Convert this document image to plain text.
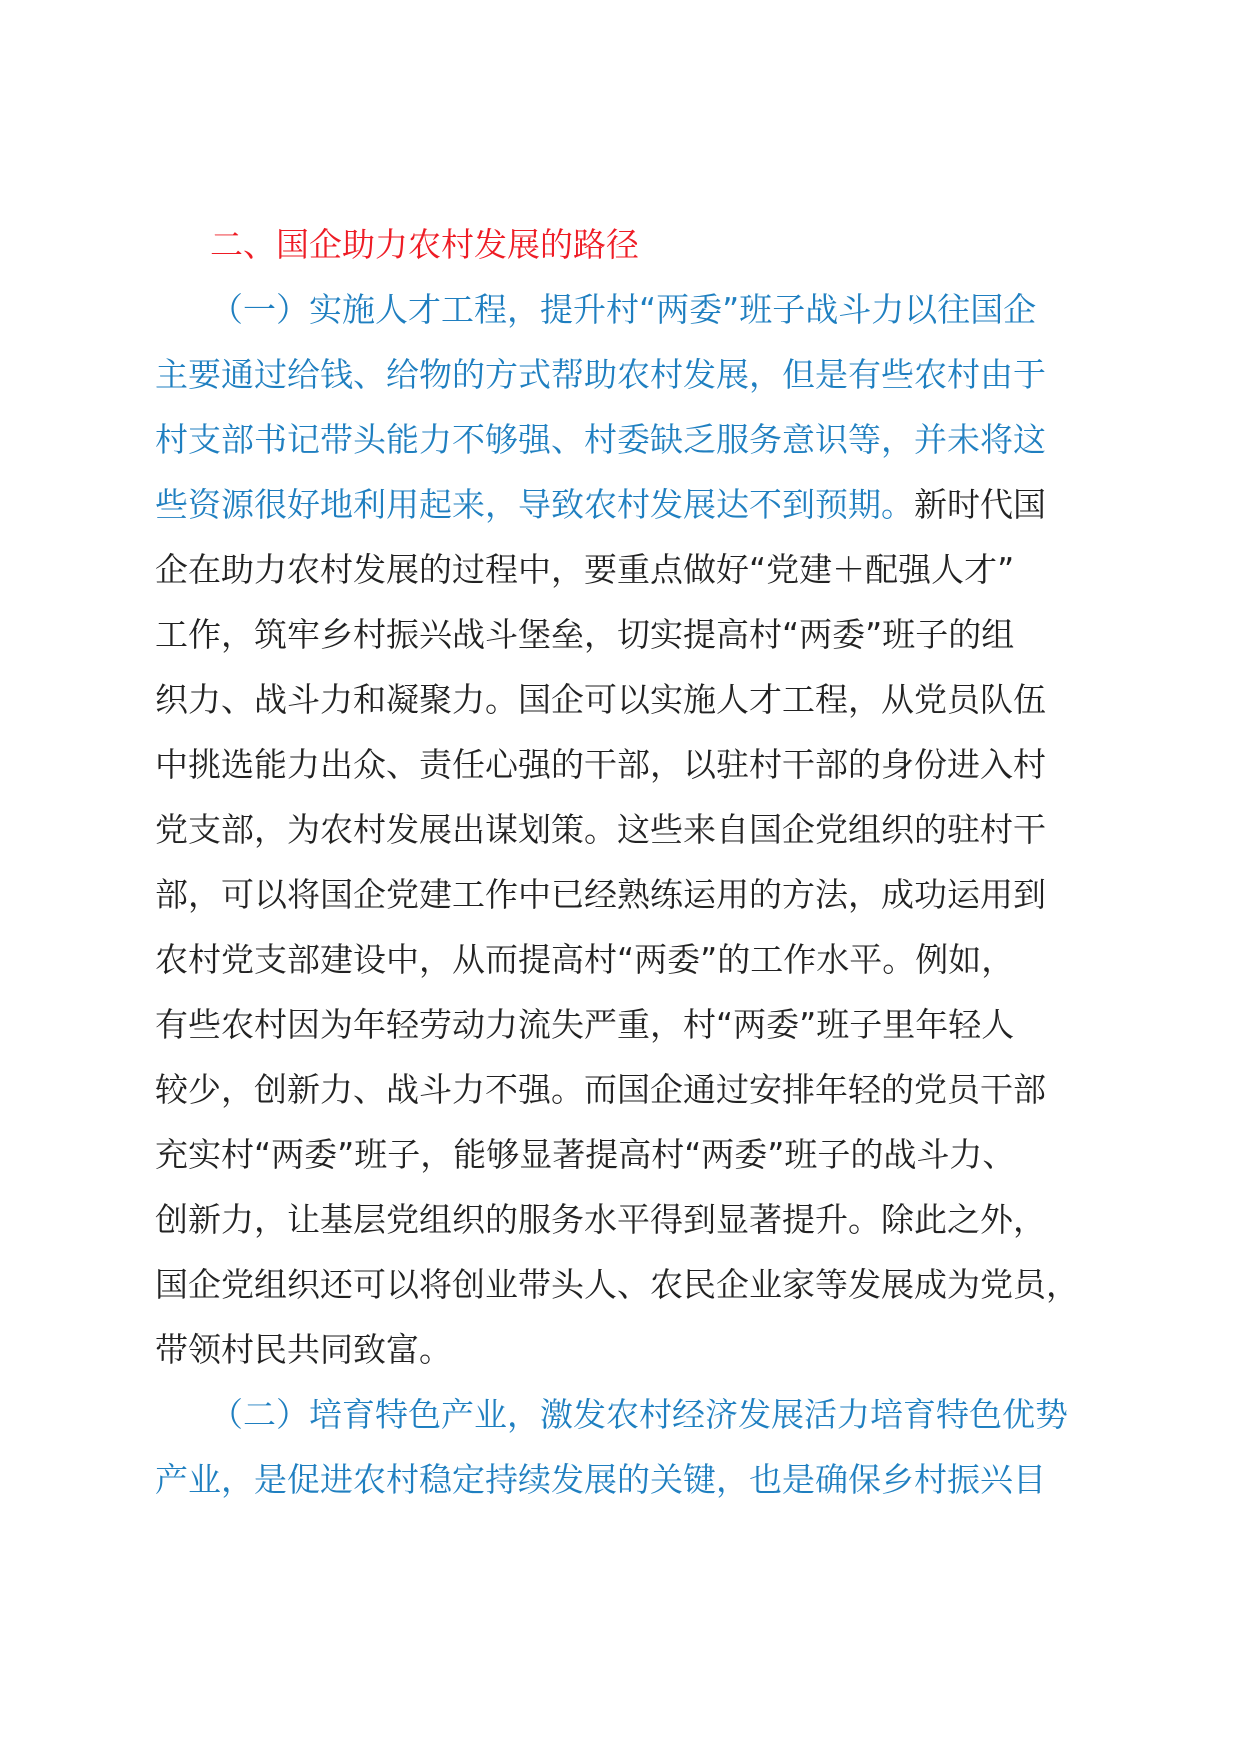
二、国企助力农村发展的路径
（一）实施人才工程，提升村“两委”班子战斗力以往国企
主要通过给钱、给物的方式帮助农村发展，但是有些农村由于
村支部书记带头能力不够强、村委缺乏服务意识等，并未将这
些资源很好地利用起来，导致农村发展达不到预期。新时代国
企在助力农村发展的过程中，要重点做好“党建＋配强人才”
工作，筑牢乡村振兴战斗堡垒，切实提高村“两委”班子的组
织力、战斗力和凝聚力。国企可以实施人才工程，从党员队伍
中挑选能力出众、责任心强的干部，以驻村干部的身份进入村
党支部，为农村发展出谋划策。这些来自国企党组织的驻村干
部，可以将国企党建工作中已经熟练运用的方法，成功运用到
农村党支部建设中，从而提高村“两委”的工作水平。例如，
有些农村因为年轻劳动力流失严重，村“两委”班子里年轻人
较少，创新力、战斗力不强。而国企通过安排年轻的党员干部
充实村“两委”班子，能够显著提高村“两委”班子的战斗力、
创新力，让基层党组织的服务水平得到显著提升。除此之外，
国企党组织还可以将创业带头人、农民企业家等发展成为党员，
带领村民共同致富。
（二）培育特色产业，激发农村经济发展活力培育特色优势
产业，是促进农村稳定持续发展的关键，也是确保乡村振兴目
